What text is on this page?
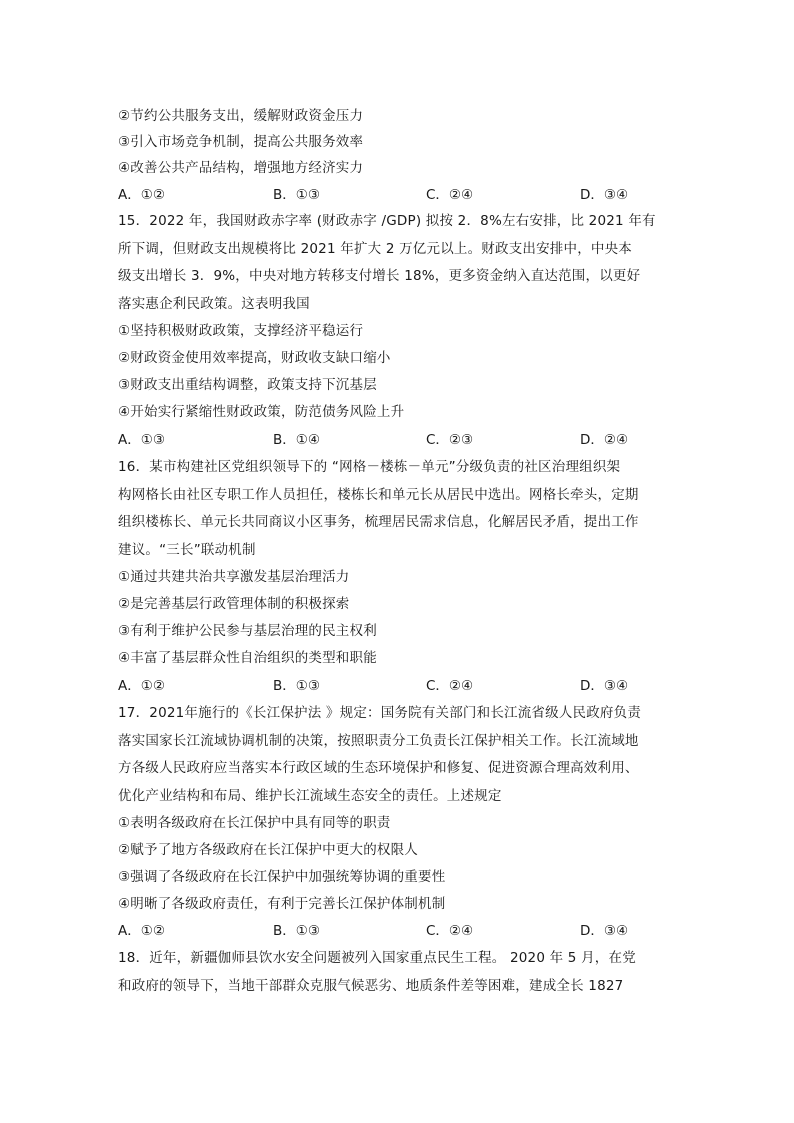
②节约公共服务支出，缓解财政资金压力
③引入市场竞争机制，提高公共服务效率
④改善公共产品结构，增强地方经济实力
A．①②	B．①③	C．②④	D．③④
15．2022 年，我国财政赤字率 (财政赤字 /GDP) 拟按 2．8%左右安排，比 2021 年有
所下调，但财政支出规模将比 2021 年扩大 2 万亿元以上。财政支出安排中，中央本
级支出增长 3．9%，中央对地方转移支付增长 18%，更多资金纳入直达范围，以更好
落实惠企利民政策。这表明我国
①坚持积极财政政策，支撑经济平稳运行
②财政资金使用效率提高，财政收支缺口缩小
③财政支出重结构调整，政策支持下沉基层
④开始实行紧缩性财政政策，防范债务风险上升
A．①③	B．①④	C．②③	D．②④
16．某市构建社区党组织领导下的 “网格－楼栋－单元”分级负责的社区治理组织架
构网格长由社区专职工作人员担任，楼栋长和单元长从居民中选出。网格长牵头，定期
组织楼栋长、单元长共同商议小区事务，梳理居民需求信息，化解居民矛盾，提出工作
建议。“三长”联动机制
①通过共建共治共享激发基层治理活力
②是完善基层行政管理体制的积极探索
③有利于维护公民参与基层治理的民主权利
④丰富了基层群众性自治组织的类型和职能
A．①②	B．①③	C．②④	D．③④
17．2021年施行的《长江保护法 》规定：国务院有关部门和长江流省级人民政府负责
落实国家长江流域协调机制的决策，按照职责分工负责长江保护相关工作。长江流域地
方各级人民政府应当落实本行政区域的生态环境保护和修复、促进资源合理高效利用、
优化产业结构和布局、维护长江流域生态安全的责任。上述规定
①表明各级政府在长江保护中具有同等的职责
②赋予了地方各级政府在长江保护中更大的权限人
③强调了各级政府在长江保护中加强统筹协调的重要性
④明晰了各级政府责任，有利于完善长江保护体制机制
A．①②	B．①③	C．②④	D．③④
18．近年，新疆伽师县饮水安全问题被列入国家重点民生工程。 2020 年 5 月，在党
和政府的领导下，当地干部群众克服气候恶劣、地质条件差等困难，建成全长 1827
